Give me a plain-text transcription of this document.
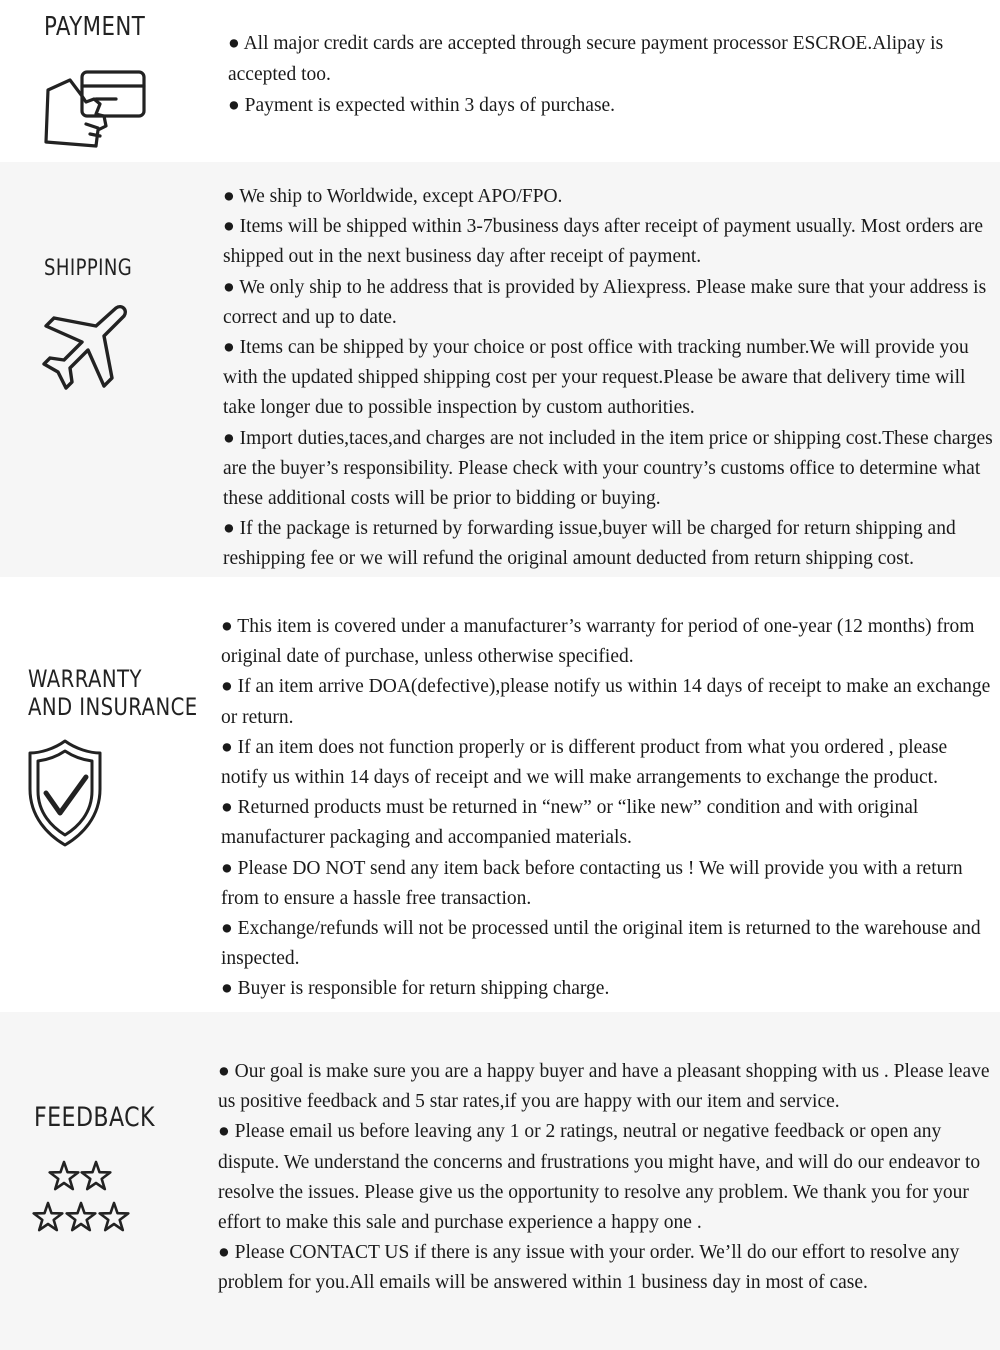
PAYMENT
● All major credit cards are accepted through secure payment processor ESCROE.Alipay is accepted too.
● Payment is expected within 3 days of purchase.
SHIPPING
● We ship to Worldwide, except APO/FPO.
● Items will be shipped within 3-7business days after receipt of payment usually. Most orders are shipped out in the next business day after receipt of payment.
● We only ship to he address that is provided by Aliexpress. Please make sure that your address is correct and up to date.
● Items can be shipped by your choice or post office with tracking number.We will provide you with the updated shipped shipping cost per your request.Please be aware that delivery time will take longer due to possible inspection by custom authorities.
● Import duties,taces,and charges are not included in the item price or shipping cost.These charges are the buyer’s responsibility. Please check with your country’s customs office to determine what these additional costs will be prior to bidding or buying.
● If the package is returned by forwarding issue,buyer will be charged for return shipping and reshipping fee or we will refund the original amount deducted from return shipping cost.
WARRANTY
AND INSURANCE
● This item is covered under a manufacturer’s warranty for period of one-year (12 months) from original date of purchase, unless otherwise specified.
● If an item arrive DOA(defective),please notify us within 14 days of receipt to make an exchange or return.
● If an item does not function properly or is different product from what you ordered , please notify us within 14 days of receipt and we will make arrangements to exchange the product.
● Returned products must be returned in “new” or “like new” condition and with original manufacturer packaging and accompanied materials.
● Please DO NOT send any item back before contacting us ! We will provide you with a return from to ensure a hassle free transaction.
● Exchange/refunds will not be processed until the original item is returned to the warehouse and inspected.
● Buyer is responsible for return shipping charge.
FEEDBACK
● Our goal is make sure you are a happy buyer and have a pleasant shopping with us . Please leave us positive feedback and 5 star rates,if you are happy with our item and service.
● Please email us before leaving any 1 or 2 ratings, neutral or negative feedback or open any dispute. We understand the concerns and frustrations you might have, and will do our endeavor to resolve the issues. Please give us the opportunity to resolve any problem. We thank you for your effort to make this sale and purchase experience a happy one .
● Please CONTACT US if there is any issue with your order. We’ll do our effort to resolve any problem for you.All emails will be answered within 1 business day in most of case.
